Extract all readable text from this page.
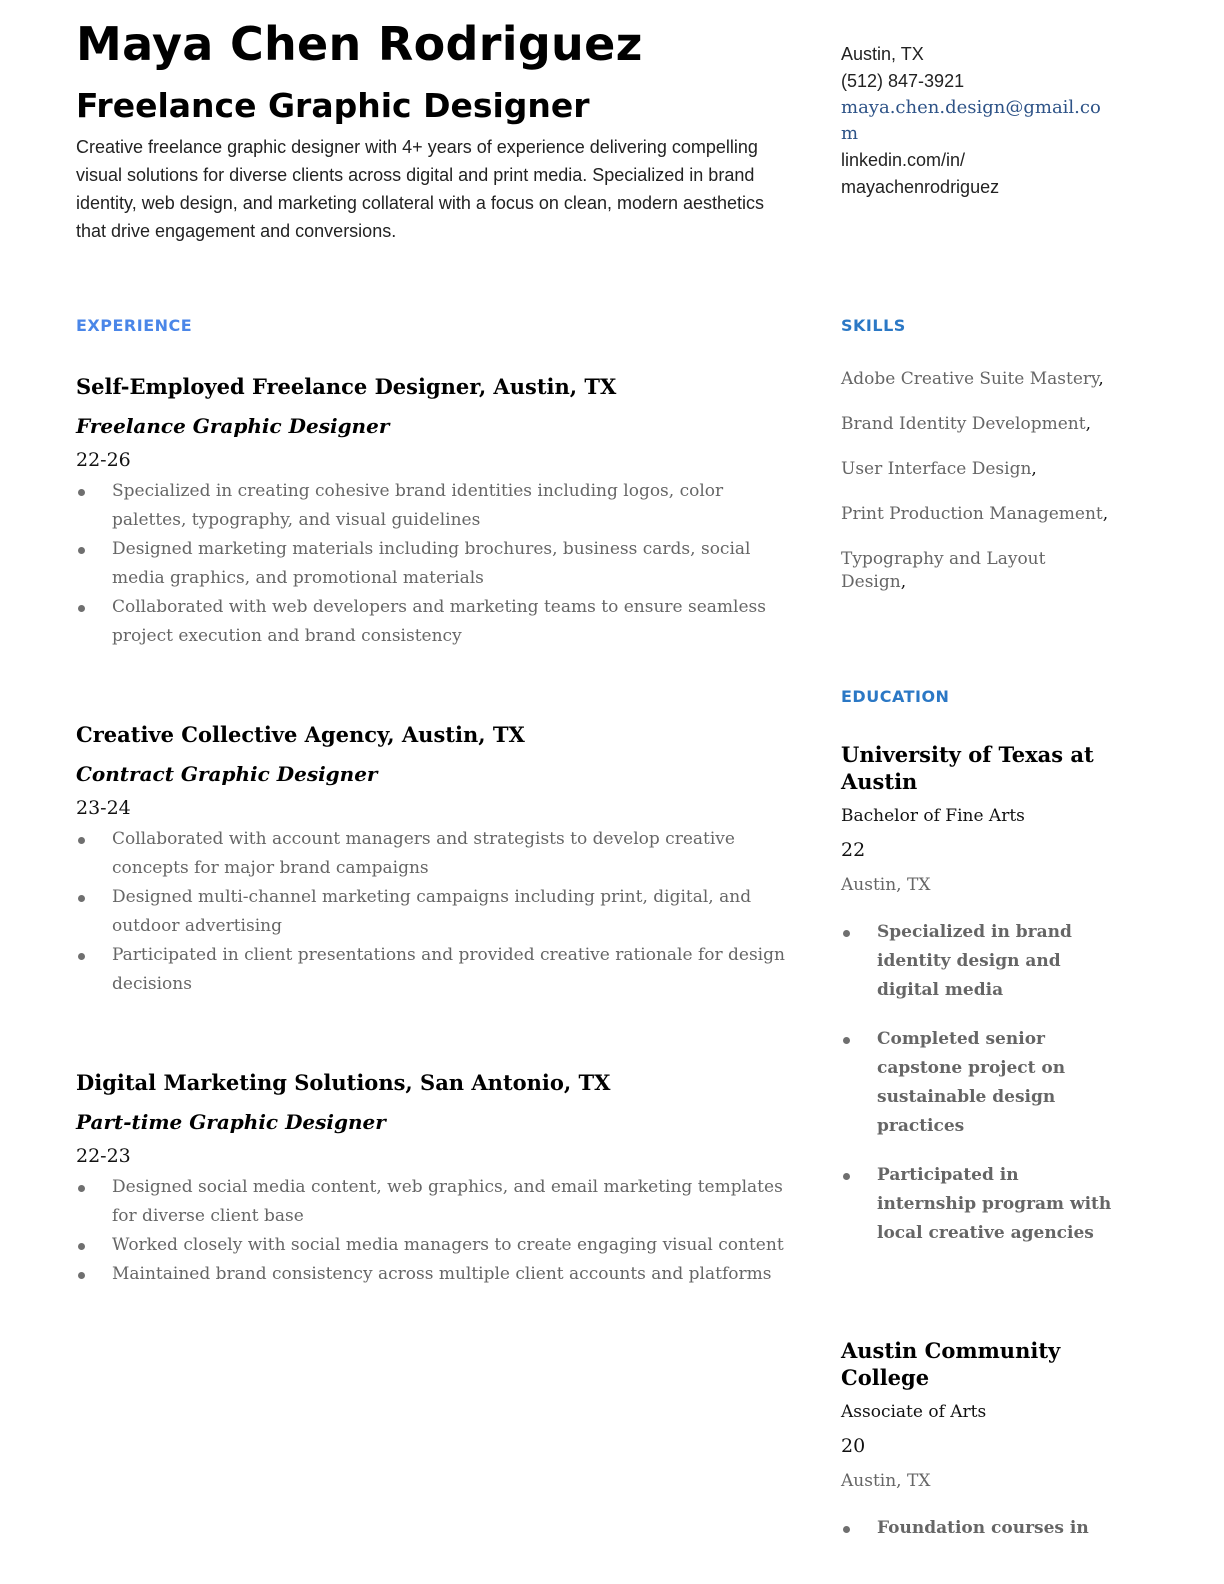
Maya Chen Rodriguez
Freelance Graphic Designer

Creative freelance graphic designer with 4+ years of experience delivering compelling visual solutions for diverse clients across digital and print media. Specialized in brand identity, web design, and marketing collateral with a focus on clean, modern aesthetics that drive engagement and conversions.

EXPERIENCE

Self-Employed Freelance Designer, Austin, TX

Freelance Graphic Designer

22-26

Specialized in creating cohesive brand identities including logos, color palettes, typography, and visual guidelines
Designed marketing materials including brochures, business cards, social media graphics, and promotional materials
Collaborated with web developers and marketing teams to ensure seamless project execution and brand consistency

Creative Collective Agency, Austin, TX

Contract Graphic Designer

23-24

Collaborated with account managers and strategists to develop creative concepts for major brand campaigns
Designed multi-channel marketing campaigns including print, digital, and outdoor advertising
Participated in client presentations and provided creative rationale for design decisions

Digital Marketing Solutions, San Antonio, TX

Part-time Graphic Designer

22-23

Designed social media content, web graphics, and email marketing templates for diverse client base
Worked closely with social media managers to create engaging visual content
Maintained brand consistency across multiple client accounts and platforms
Austin, TX
(512) 847-3921
maya.chen.design@gmail.com
linkedin.com/in/
mayachenrodriguez
SKILLS
Adobe Creative Suite Mastery,
Brand Identity Development,
User Interface Design,
Print Production Management,
Typography and Layout Design,
EDUCATION

University of Texas at Austin

Bachelor of Fine Arts

22

Austin, TX

Specialized in brand identity design and digital media
Completed senior capstone project on sustainable design practices
Participated in internship program with local creative agencies

Austin Community College

Associate of Arts

20

Austin, TX

Foundation courses in
